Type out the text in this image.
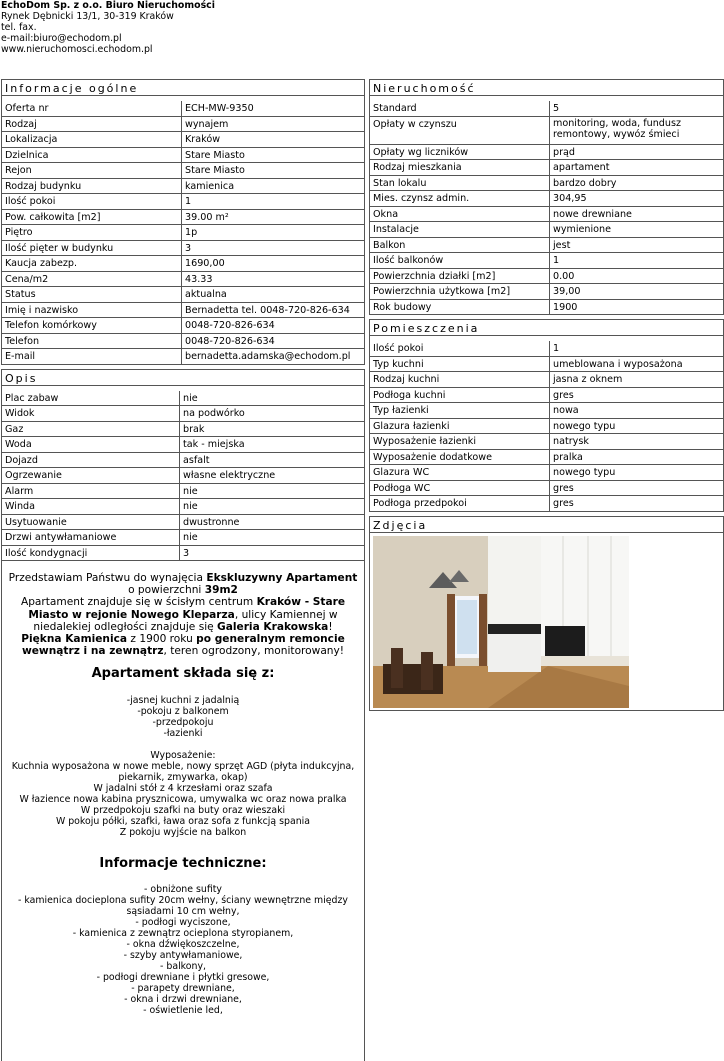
EchoDom Sp. z o.o. Biuro Nieruchomości
Rynek Dębnicki 13/1, 30-319 Kraków
tel. fax.
e-mail:biuro@echodom.pl
www.nieruchomosci.echodom.pl
Informacje ogólne
Oferta nr	ECH-MW-9350
Rodzaj	wynajem
Lokalizacja	Kraków
Dzielnica	Stare Miasto
Rejon	Stare Miasto
Rodzaj budynku	kamienica
Ilość pokoi	1
Pow. całkowita [m2]	39.00 m²
Piętro	1p
Ilość pięter w budynku	3
Kaucja zabezp.	1690,00
Cena/m2	43.33
Status	aktualna
Imię i nazwisko	Bernadetta tel. 0048-720-826-634
Telefon komórkowy	0048-720-826-634
Telefon	0048-720-826-634
E-mail	bernadetta.adamska@echodom.pl
Opis
Plac zabaw	nie
Widok	na podwórko
Gaz	brak
Woda	tak - miejska
Dojazd	asfalt
Ogrzewanie	własne elektryczne
Alarm	nie
Winda	nie
Usytuowanie	dwustronne
Drzwi antywłamaniowe	nie
Ilość kondygnacji	3
Przedstawiam Państwu do wynajęcia Ekskluzywny Apartament o powierzchni 39m2
Apartament znajduje się w ścisłym centrum Kraków - Stare Miasto w rejonie Nowego Kleparza, ulicy Kamiennej w niedalekiej odległości znajduje się Galeria Krakowska!
Piękna Kamienica z 1900 roku po generalnym remoncie wewnątrz i na zewnątrz, teren ogrodzony, monitorowany!
Apartament składa się z:
-jasnej kuchni z jadalnią
-pokoju z balkonem
-przedpokoju
-łazienki
Wyposażenie:
Kuchnia wyposażona w nowe meble, nowy sprzęt AGD (płyta indukcyjna, piekarnik, zmywarka, okap)
W jadalni stół z 4 krzesłami oraz szafa
W łazience nowa kabina prysznicowa, umywalka wc oraz nowa pralka
W przedpokoju szafki na buty oraz wieszaki
W pokoju półki, szafki, ława oraz sofa z funkcją spania
Z pokoju wyjście na balkon
Informacje techniczne:
- obniżone sufity
- kamienica docieplona sufity 20cm wełny, ściany wewnętrzne między sąsiadami 10 cm wełny,
- podłogi wyciszone,
- kamienica z zewnątrz ocieplona styropianem,
- okna dźwiękoszczelne,
- szyby antywłamaniowe,
- balkony,
- podłogi drewniane i płytki gresowe,
- parapety drewniane,
- okna i drzwi drewniane,
- oświetlenie led,
Nieruchomość
Standard	5
Opłaty w czynszu	monitoring, woda, fundusz remontowy, wywóz śmieci
Opłaty wg liczników	prąd
Rodzaj mieszkania	apartament
Stan lokalu	bardzo dobry
Mies. czynsz admin.	304,95
Okna	nowe drewniane
Instalacje	wymienione
Balkon	jest
Ilość balkonów	1
Powierzchnia działki [m2]	0.00
Powierzchnia użytkowa [m2]	39,00
Rok budowy	1900
Pomieszczenia
Ilość pokoi	1
Typ kuchni	umeblowana i wyposażona
Rodzaj kuchni	jasna z oknem
Podłoga kuchni	gres
Typ łazienki	nowa
Glazura łazienki	nowego typu
Wyposażenie łazienki	natrysk
Wyposażenie dodatkowe	pralka
Glazura WC	nowego typu
Podłoga WC	gres
Podłoga przedpokoi	gres
Zdjęcia
